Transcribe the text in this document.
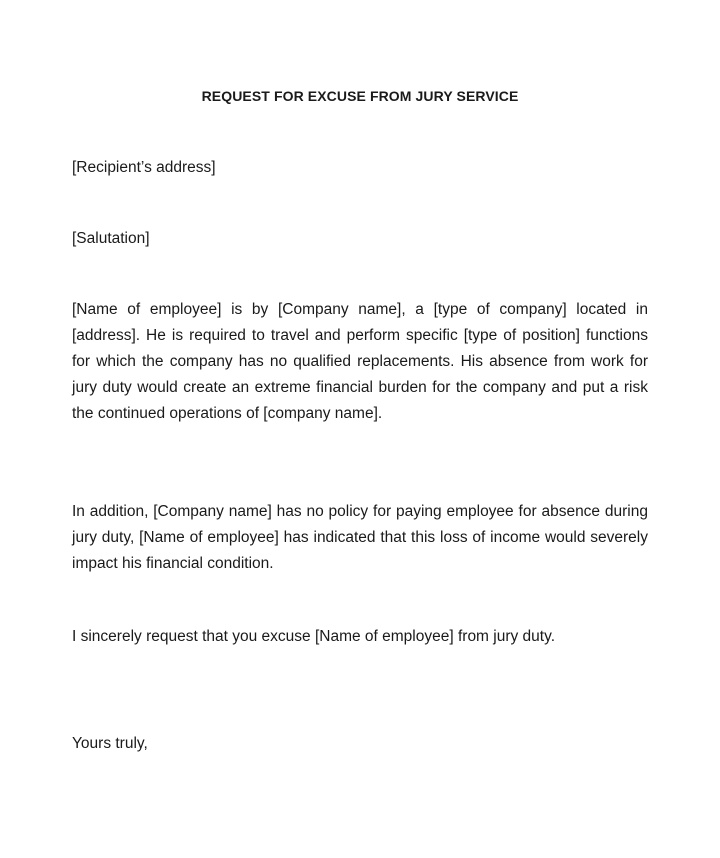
REQUEST FOR EXCUSE FROM JURY SERVICE

[Recipient’s address]

[Salutation]

[Name of employee] is by [Company name], a [type of company] located in [address]. He is required to travel and perform specific [type of position] functions for which the company has no qualified replacements. His absence from work for jury duty would create an extreme financial burden for the company and put a risk the continued operations of [company name].

In addition, [Company name] has no policy for paying employee for absence during jury duty, [Name of employee] has indicated that this loss of income would severely impact his financial condition.

I sincerely request that you excuse [Name of employee] from jury duty.

Yours truly,
